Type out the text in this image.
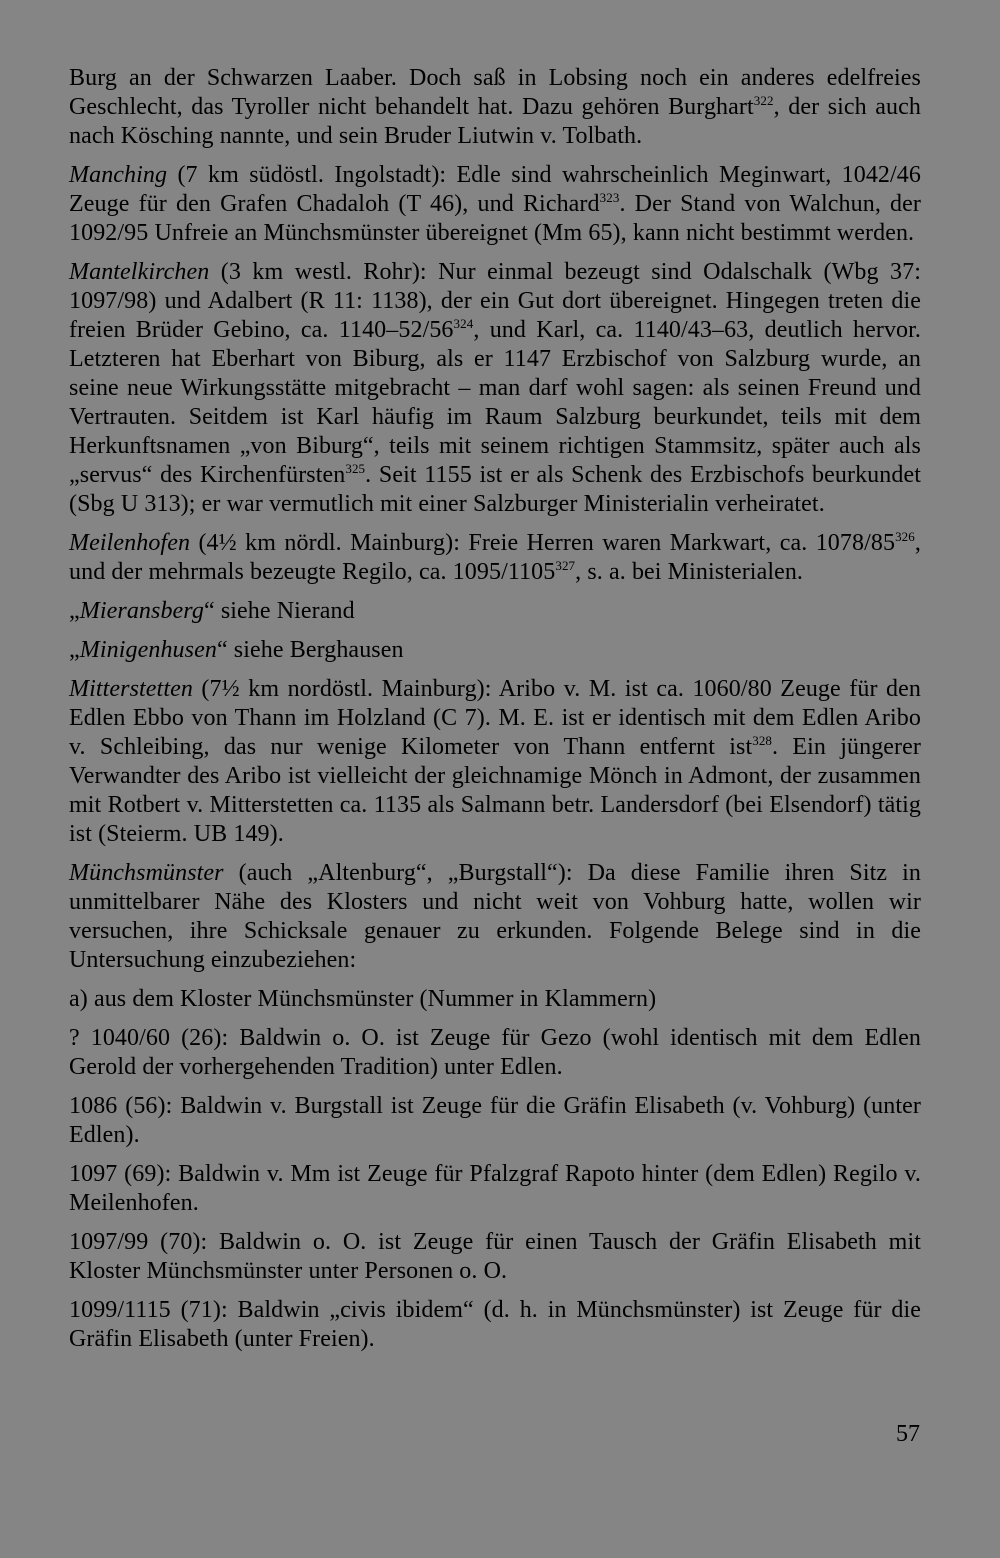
Burg an der Schwarzen Laaber. Doch saß in Lobsing noch ein anderes edelfreies Geschlecht, das Tyroller nicht behandelt hat. Dazu gehören Burghart$^{322}$, der sich auch nach Kösching nannte, und sein Bruder Liutwin v. Tolbath.

Manching (7 km südöstl. Ingolstadt): Edle sind wahrscheinlich Meginwart, 1042/46 Zeuge für den Grafen Chadaloh (T 46), und Richard$^{323}$. Der Stand von Walchun, der 1092/95 Unfreie an Münchsmünster übereignet (Mm 65), kann nicht bestimmt werden.

Mantelkirchen (3 km westl. Rohr): Nur einmal bezeugt sind Odalschalk (Wbg 37: 1097/98) und Adalbert (R 11: 1138), der ein Gut dort übereignet. Hingegen treten die freien Brüder Gebino, ca. $1140-52/56^{324}$, und Karl, ca. 1140/43–63, deutlich hervor. Letzteren hat Eberhart von Biburg, als er 1147 Erzbischof von Salzburg wurde, an seine neue Wirkungsstätte mitgebracht – man darf wohl sagen: als seinen Freund und Vertrauten. Seitdem ist Karl häufig im Raum Salzburg beurkundet, teils mit dem Herkunftsnamen „von Biburg“, teils mit seinem richtigen Stammsitz, später auch als „servus“ des Kirchenfürsten$^{325}$. Seit 1155 ist er als Schenk des Erzbischofs beurkundet (Sbg U 313); er war vermutlich mit einer Salzburger Ministerialin verheiratet.

Meilenhofen (4½ km nördl. Mainburg): Freie Herren waren Markwart, ca. $1078/85^{326}$, und der mehrmals bezeugte Regilo, ca. 1095/1105$^{327}$, s. a. bei Ministerialen.

„Mieransberg“ siehe Nierand

„Minigenhusen“ siehe Berghausen

Mitterstetten (7½ km nordöstl. Mainburg): Aribo v. M. ist ca. 1060/80 Zeuge für den Edlen Ebbo von Thann im Holzland (C 7). M. E. ist er identisch mit dem Edlen Aribo v. Schleibing, das nur wenige Kilometer von Thann entfernt ist$^{328}$. Ein jüngerer Verwandter des Aribo ist vielleicht der gleichnamige Mönch in Admont, der zusammen mit Rotbert v. Mitterstetten ca. 1135 als Salmann betr. Landersdorf (bei Elsendorf) tätig ist (Steierm. UB 149).

Münchsmünster (auch „Altenburg“, „Burgstall“): Da diese Familie ihren Sitz in unmittelbarer Nähe des Klosters und nicht weit von Vohburg hatte, wollen wir versuchen, ihre Schicksale genauer zu erkunden. Folgende Belege sind in die Untersuchung einzubeziehen:

a) aus dem Kloster Münchsmünster (Nummer in Klammern)

? 1040/60 (26): Baldwin o. O. ist Zeuge für Gezo (wohl identisch mit dem Edlen Gerold der vorhergehenden Tradition) unter Edlen.

1086 (56): Baldwin v. Burgstall ist Zeuge für die Gräfin Elisabeth (v. Vohburg) (unter Edlen).

1097 (69): Baldwin v. Mm ist Zeuge für Pfalzgraf Rapoto hinter (dem Edlen) Regilo v. Meilenhofen.

1097/99 (70): Baldwin o. O. ist Zeuge für einen Tausch der Gräfin Elisabeth mit Kloster Münchsmünster unter Personen o. O.

1099/1115 (71): Baldwin „civis ibidem“ (d. h. in Münchsmünster) ist Zeuge für die Gräfin Elisabeth (unter Freien).

57
